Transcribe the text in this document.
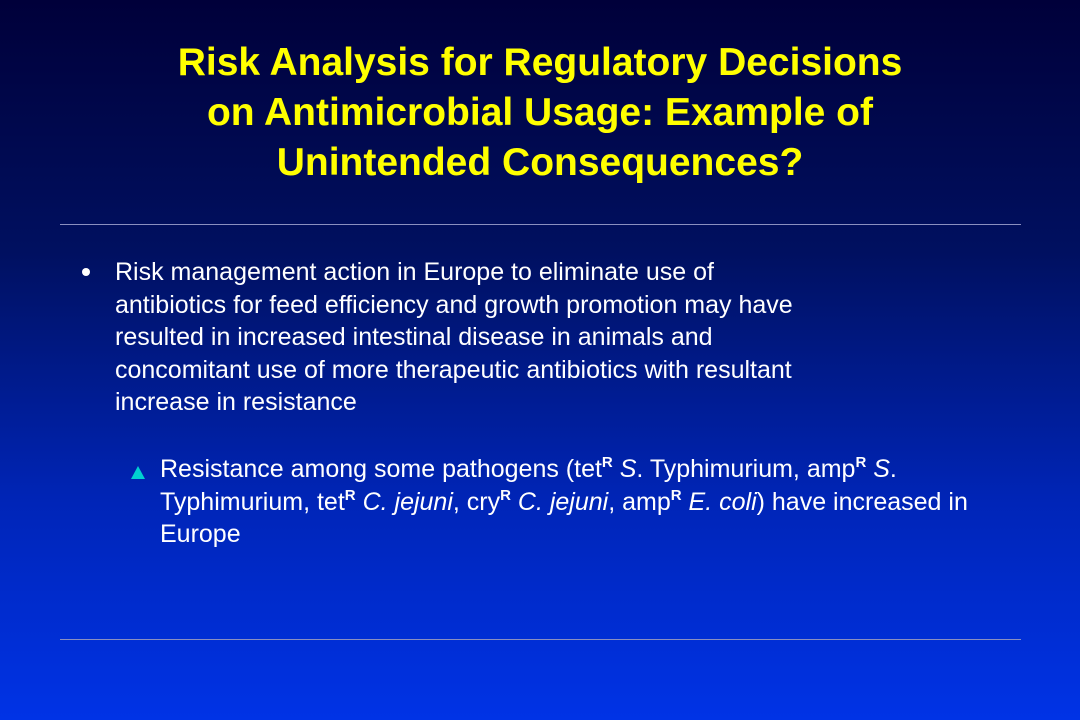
Risk Analysis for Regulatory Decisions
on Antimicrobial Usage: Example of
Unintended Consequences?
Risk management action in Europe to eliminate use of
antibiotics for feed efficiency and growth promotion may have
resulted in increased intestinal disease in animals and
concomitant use of more therapeutic antibiotics with resultant
increase in resistance
Resistance among some pathogens (tet$^R$ S. Typhimurium, amp$^R$ S. Typhimurium, tet$^R$ C. jejuni, cry$^R$ C. jejuni, amp$^R$ E. coli) have increased in Europe
